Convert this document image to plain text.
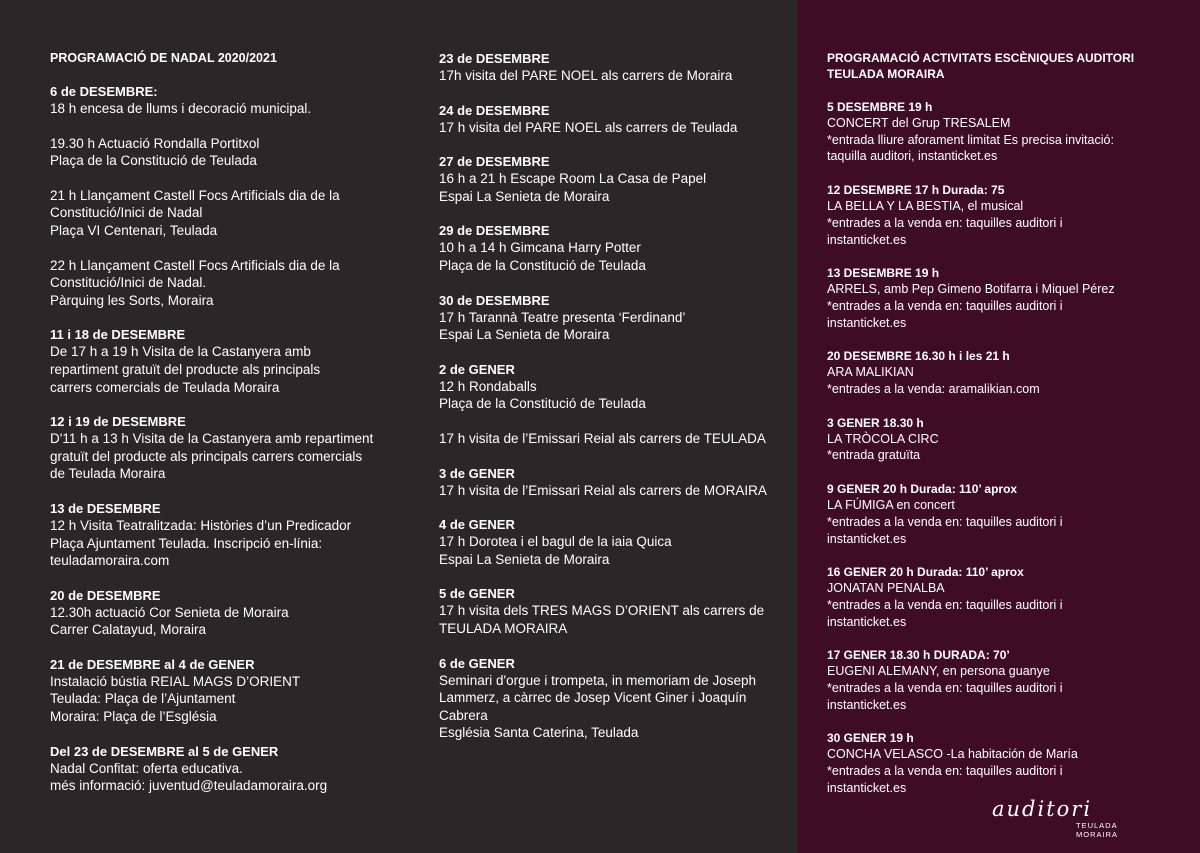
PROGRAMACIÓ DE NADAL 2020/2021
6 de DESEMBRE:
18 h encesa de llums i decoració municipal.
19.30 h Actuació Rondalla Portitxol
Plaça de la Constitució de Teulada
21 h Llançament Castell Focs Artificials dia de la
Constitució/Inici de Nadal
Plaça VI Centenari, Teulada
22 h Llançament Castell Focs Artificials dia de la
Constitució/Inici de Nadal.
Pàrquing les Sorts, Moraira
11 i 18 de DESEMBRE
De 17 h a 19 h Visita de la Castanyera amb
repartiment gratuït del producte als principals
carrers comercials de Teulada Moraira
12 i 19 de DESEMBRE
D'11 h a 13 h Visita de la Castanyera amb repartiment
gratuït del producte als principals carrers comercials
de Teulada Moraira
13 de DESEMBRE
12 h Visita Teatralitzada: Històries d’un Predicador
Plaça Ajuntament Teulada. Inscripció en-línia:
teuladamoraira.com
20 de DESEMBRE
12.30h actuació Cor Senieta de Moraira
Carrer Calatayud, Moraira
21 de DESEMBRE al 4 de GENER
Instalació bústia REIAL MAGS D’ORIENT
Teulada: Plaça de l’Ajuntament
Moraira: Plaça de l’Església
Del 23 de DESEMBRE al 5 de GENER
Nadal Confitat: oferta educativa.
més informació: juventud@teuladamoraira.org
23 de DESEMBRE
17h visita del PARE NOEL als carrers de Moraira
24 de DESEMBRE
17 h visita del PARE NOEL als carrers de Teulada
27 de DESEMBRE
16 h a 21 h Escape Room La Casa de Papel
Espai La Senieta de Moraira
29 de DESEMBRE
10 h a 14 h Gimcana Harry Potter
Plaça de la Constitució de Teulada
30 de DESEMBRE
17 h Tarannà Teatre presenta ‘Ferdinand’
Espai La Senieta de Moraira
2 de GENER
12 h Rondaballs
Plaça de la Constitució de Teulada
17 h visita de l’Emissari Reial als carrers de TEULADA
3 de GENER
17 h visita de l’Emissari Reial als carrers de MORAIRA
4 de GENER
17 h Dorotea i el bagul de la iaia Quica
Espai La Senieta de Moraira
5 de GENER
17 h visita dels TRES MAGS D’ORIENT als carrers de
TEULADA MORAIRA
6 de GENER
Seminari d'orgue i trompeta, in memoriam de Joseph
Lammerz, a càrrec de Josep Vicent Giner i Joaquín
Cabrera
Església Santa Caterina, Teulada
PROGRAMACIÓ ACTIVITATS ESCÈNIQUES AUDITORI
TEULADA MORAIRA
5 DESEMBRE 19 h
CONCERT del Grup TRESALEM
*entrada lliure aforament limitat Es precisa invitació:
taquilla auditori, instanticket.es
12 DESEMBRE 17 h Durada: 75
LA BELLA Y LA BESTIA, el musical
*entrades a la venda en: taquilles auditori i
instanticket.es
13 DESEMBRE 19 h
ARRELS, amb Pep Gimeno Botifarra i Miquel Pérez
*entrades a la venda en: taquilles auditori i
instanticket.es
20 DESEMBRE 16.30 h i les 21 h
ARA MALIKIAN
*entrades a la venda: aramalikian.com
3 GENER 18.30 h
LA TRÒCOLA CIRC
*entrada gratuïta
9 GENER 20 h Durada: 110’ aprox
LA FÚMIGA en concert
*entrades a la venda en: taquilles auditori i
instanticket.es
16 GENER 20 h Durada: 110’ aprox
JONATAN PENALBA
*entrades a la venda en: taquilles auditori i
instanticket.es
17 GENER 18.30 h DURADA: 70’
EUGENI ALEMANY, en persona guanye
*entrades a la venda en: taquilles auditori i
instanticket.es
30 GENER 19 h
CONCHA VELASCO -La habitación de María
*entrades a la venda en: taquilles auditori i
instanticket.es
auditori
TEULADA MORAIRA
